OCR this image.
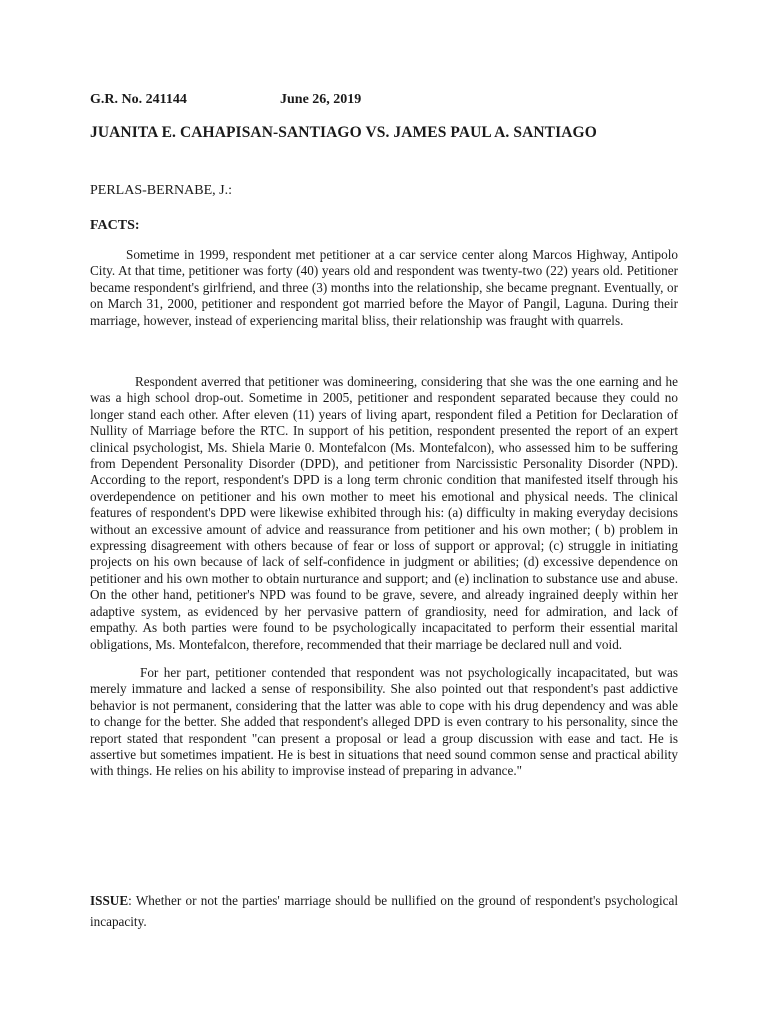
G.R. No. 241144	June 26, 2019
JUANITA E. CAHAPISAN-SANTIAGO VS. JAMES PAUL A. SANTIAGO
PERLAS-BERNABE, J.:
FACTS:

Sometime in 1999, respondent met petitioner at a car service center along Marcos Highway, Antipolo City. At that time, petitioner was forty (40) years old and respondent was twenty-two (22) years old. Petitioner became respondent's girlfriend, and three (3) months into the relationship, she became pregnant. Eventually, or on March 31, 2000, petitioner and respondent got married before the Mayor of Pangil, Laguna. During their marriage, however, instead of experiencing marital bliss, their relationship was fraught with quarrels.

Respondent averred that petitioner was domineering, considering that she was the one earning and he was a high school drop-out. Sometime in 2005, petitioner and respondent separated because they could no longer stand each other. After eleven (11) years of living apart, respondent filed a Petition for Declaration of Nullity of Marriage before the RTC. In support of his petition, respondent presented the report of an expert clinical psychologist, Ms. Shiela Marie 0. Montefalcon (Ms. Montefalcon), who assessed him to be suffering from Dependent Personality Disorder (DPD), and petitioner from Narcissistic Personality Disorder (NPD). According to the report, respondent's DPD is a long term chronic condition that manifested itself through his overdependence on petitioner and his own mother to meet his emotional and physical needs. The clinical features of respondent's DPD were likewise exhibited through his: (a) difficulty in making everyday decisions without an excessive amount of advice and reassurance from petitioner and his own mother; ( b) problem in expressing disagreement with others because of fear or loss of support or approval; (c) struggle in initiating projects on his own because of lack of self-confidence in judgment or abilities; (d) excessive dependence on petitioner and his own mother to obtain nurturance and support; and (e) inclination to substance use and abuse. On the other hand, petitioner's NPD was found to be grave, severe, and already ingrained deeply within her adaptive system, as evidenced by her pervasive pattern of grandiosity, need for admiration, and lack of empathy. As both parties were found to be psychologically incapacitated to perform their essential marital obligations, Ms. Montefalcon, therefore, recommended that their marriage be declared null and void.

For her part, petitioner contended that respondent was not psychologically incapacitated, but was merely immature and lacked a sense of responsibility. She also pointed out that respondent's past addictive behavior is not permanent, considering that the latter was able to cope with his drug dependency and was able to change for the better. She added that respondent's alleged DPD is even contrary to his personality, since the report stated that respondent "can present a proposal or lead a group discussion with ease and tact. He is assertive but sometimes impatient. He is best in situations that need sound common sense and practical ability with things. He relies on his ability to improvise instead of preparing in advance."

ISSUE: Whether or not the parties' marriage should be nullified on the ground of respondent's psychological incapacity.
